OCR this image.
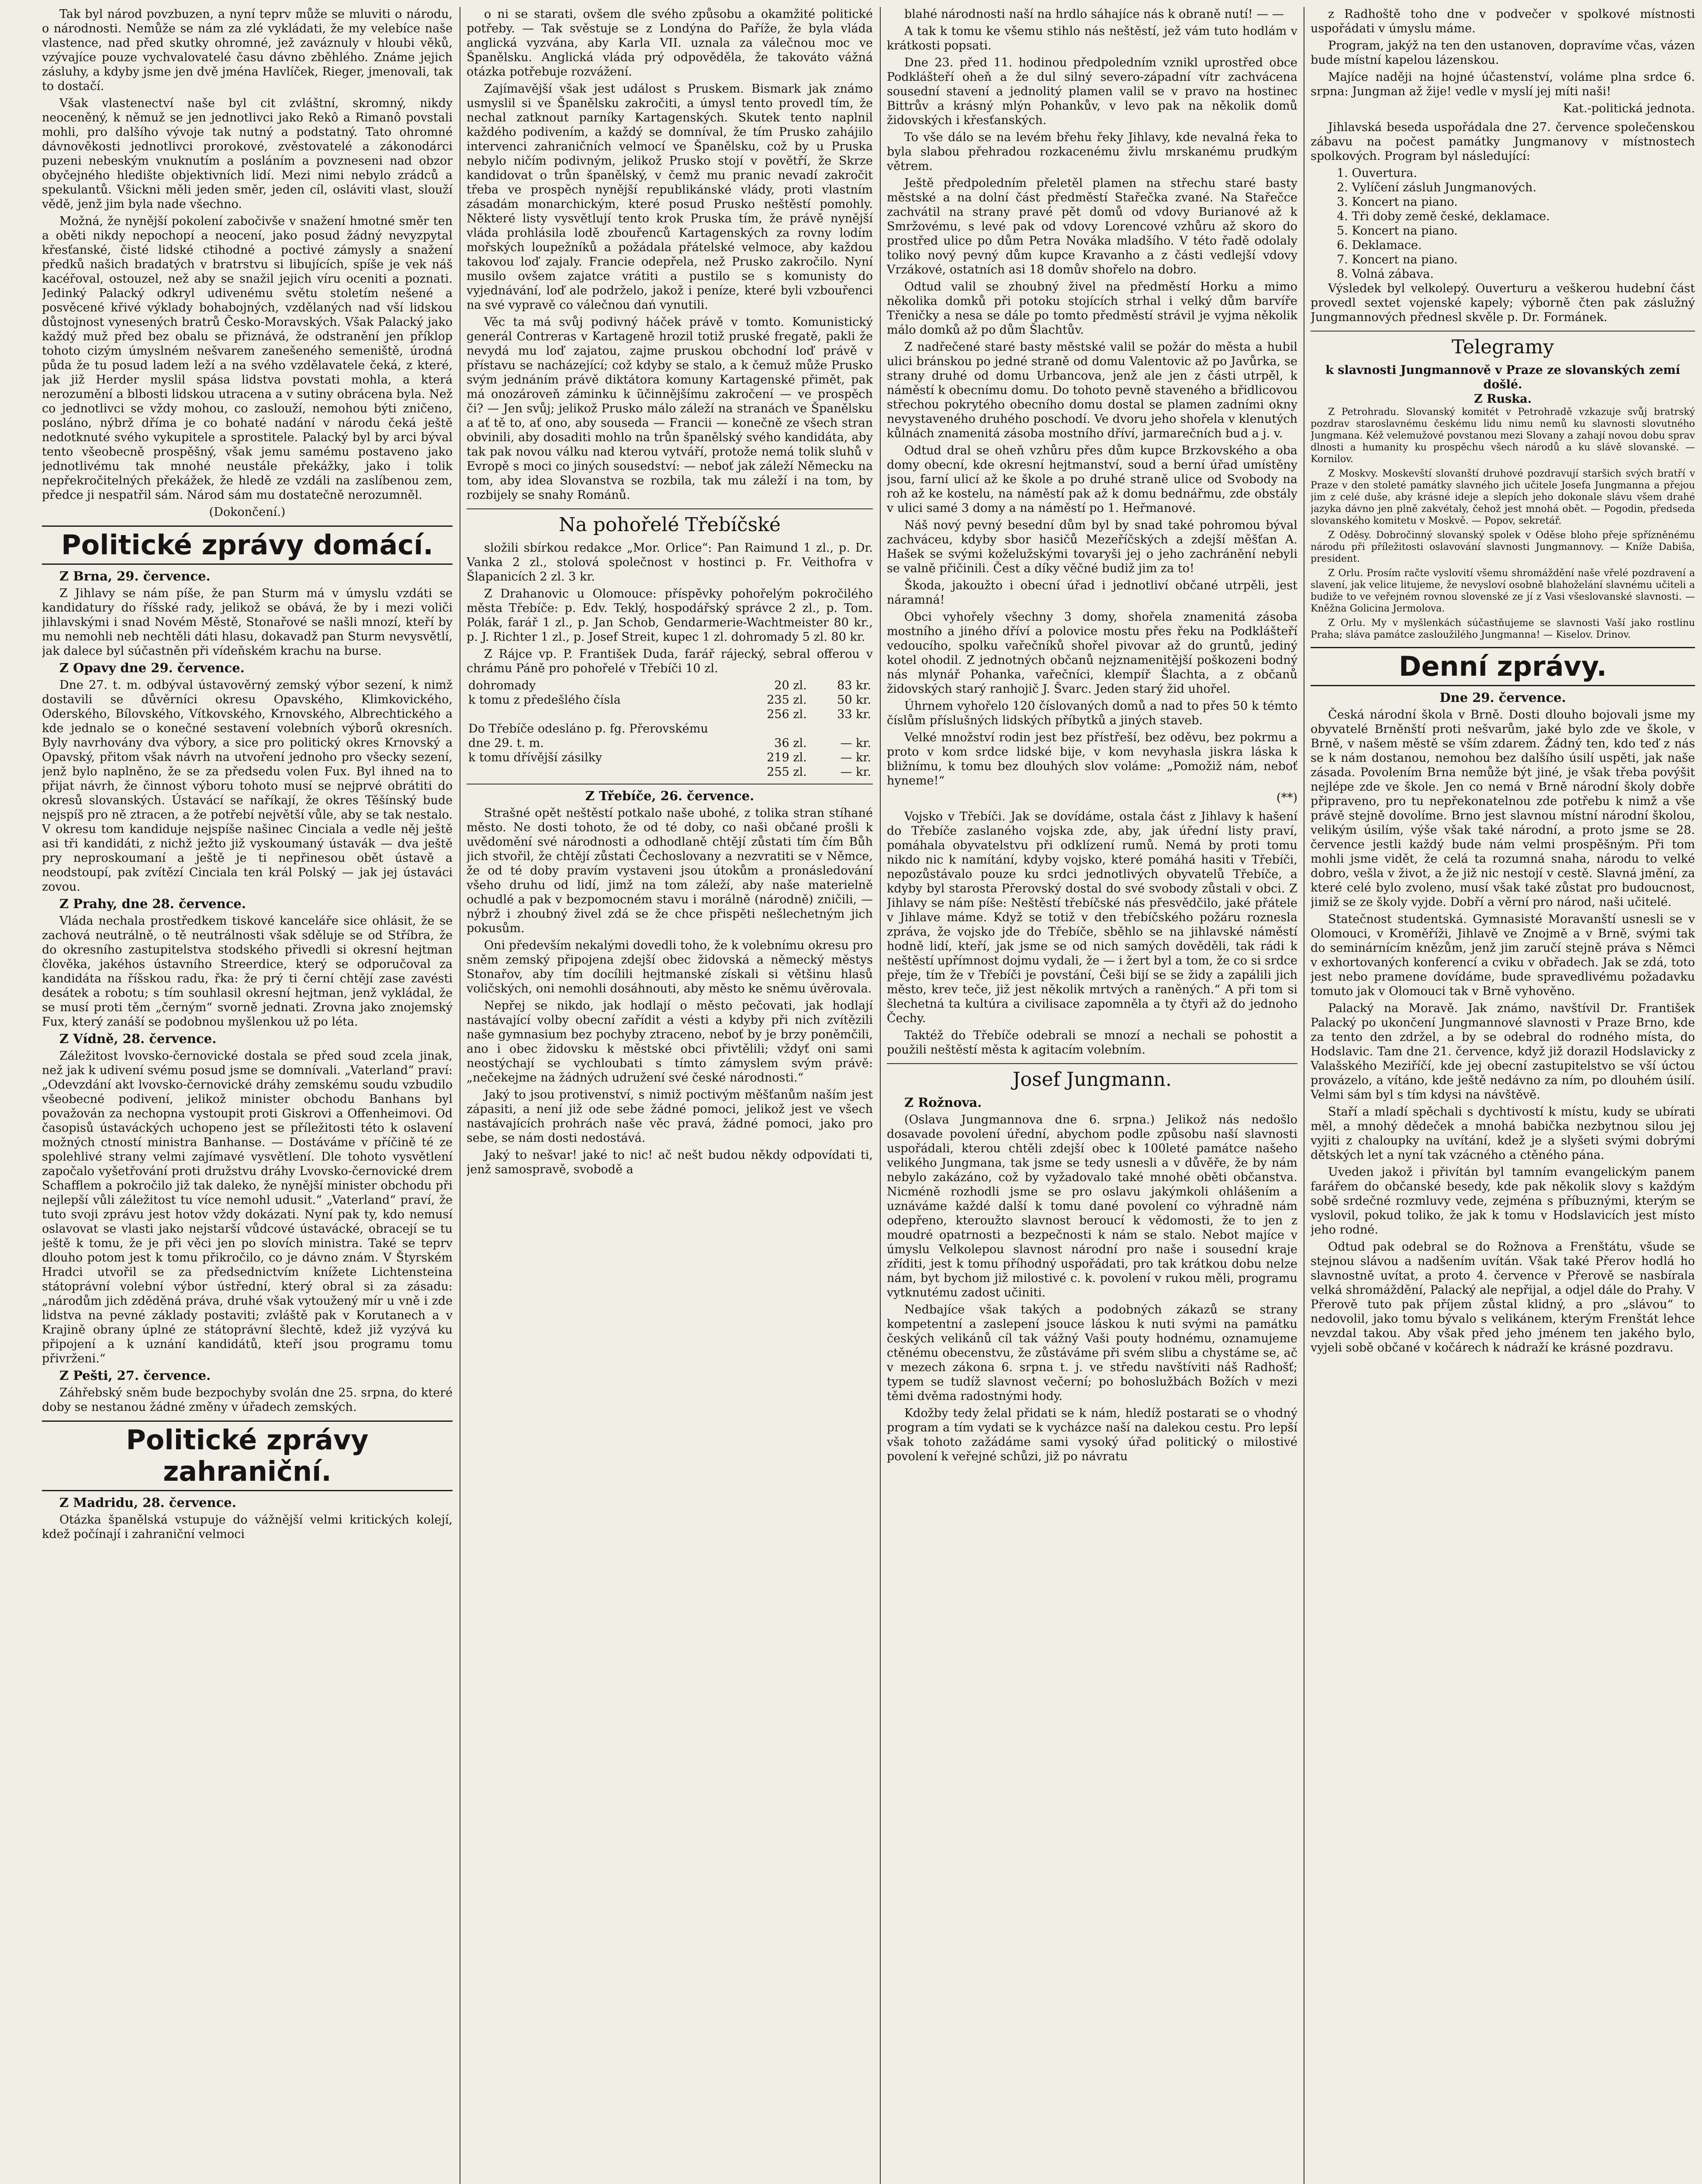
Tak byl národ povzbuzen, a nyní teprv může se mluviti o národu, o národnosti. Nemůže se nám za zlé vykládati, že my velebíce naše vlastence, nad před skutky ohromné, jež zaváznuly v hloubi věků, vzývajíce pouze vychvalovatelé času dávno zběhlého. Známe jejich zásluhy, a kdyby jsme jen dvě jména Havlíček, Rieger, jmenovali, tak to dostačí.

Však vlastenectví naše byl cit zvláštní, skromný, nikdy neoceněný, k němuž se jen jednotlivci jako Rekô a Rimanô povstali mohli, pro dalšího vývoje tak nutný a podstatný. Tato ohromné dávnověkosti jednotlivci prorokové, zvěstovatelé a zákonodárci puzeni nebeským vnuknutím a posláním a povzneseni nad obzor obyčejného hledište objektivních lidí. Mezi nimi nebylo zrádců a spekulantů. Všickni měli jeden směr, jeden cíl, osláviti vlast, slouží vědě, jenž jim byla nade všechno.

Možná, že nynější pokolení zabočivše v snažení hmotné směr ten a oběti nikdy nepochopí a neocení, jako posud žádný nevyzpytal křesťanské, čisté lidské ctihodné a poctivé zámysly a snažení předků našich bradatých v bratrstvu si libujících, spíše je vek náš kacéřoval, ostouzel, než aby se snažil jejich víru oceniti a poznati. Jedinký Palacký odkryl udivenému světu stoletím nešené a posvěcené křivé výklady bohabojných, vzdělaných nad vší lidskou důstojnost vynesených bratrů Česko-Moravských. Však Palacký jako každý muž před bez obalu se přiznává, že odstranění jen příklop tohoto cizým úmyslném nešvarem zanešeného semeniště, úrodná půda že tu posud ladem leží a na svého vzdělavatele čeká, z které, jak již Herder myslil spása lidstva povstati mohla, a která nerozumění a blbosti lidskou utracena a v sutiny obrácena byla. Než co jednotlivci se vždy mohou, co zaslouží, nemohou býti zničeno, posláno, nýbrž dříma je co bohaté nadání v národu čeká ještě nedotknuté svého vykupitele a sprostitele. Palacký byl by arci býval tento všeobecně prospěšný, však jemu samému postaveno jako jednotlivému tak mnohé neustále překážky, jako i tolik nepřekročitelných překážek, že hledě ze vzdáli na zaslíbenou zem, předce ji nespatřil sám. Národ sám mu dostatečně nerozumněl.

(Dokončení.)
Politické zprávy domácí.
Z Brna, 29. července.

Z Jihlavy se nám píše, že pan Sturm má v úmyslu vzdáti se kandidatury do říšské rady, jelikož se obává, že by i mezi voliči jihlavskými i snad Novém Městě, Stonařové se našli mnozí, kteří by mu nemohli neb nechtěli dáti hlasu, dokavadž pan Sturm nevysvětlí, jak dalece byl súčastněn při vídeňském krachu na burse.

Z Opavy dne 29. července.

Dne 27. t. m. odbýval ústavověrný zemský výbor sezení, k nimž dostavili se důvěrníci okresu Opavského, Klimkovického, Oderského, Bílovského, Vítkovského, Krnovského, Albrechtického a kde jednalo se o konečné sestavení volebních výborů okresních. Byly navrhovány dva výbory, a sice pro politický okres Krnovský a Opavský, přitom však návrh na utvoření jednoho pro všecky sezení, jenž bylo naplněno, že se za předsedu volen Fux. Byl ihned na to přijat návrh, že činnost výboru tohoto musí se nejprvé obrátiti do okresů slovanských. Ústavácí se naříkají, že okres Těšínský bude nejspíš pro ně ztracen, a že potřebí největší vůle, aby se tak nestalo. V okresu tom kandiduje nejspíše našinec Cinciala a vedle něj ještě asi tři kandidáti, z nichž ježto již vyskoumaný ústavák — dva ještě pry neproskoumaní a ještě je ti nepřinesou obět ústavě a neodstoupí, pak zvítězí Cinciala ten král Polský — jak jej ústaváci zovou.

Z Prahy, dne 28. července.

Vláda nechala prostředkem tiskové kanceláře sice ohlásit, že se zachová neutrálně, o tě neutrálnosti však sděluje se od Stříbra, že do okresního zastupitelstva stodského přivedli si okresní hejtman člověka, jakéhos ústavního Streerdice, který se odporučoval za kandidáta na říšskou radu, řka: že prý ti černí chtějí zase zavésti desátek a robotu; s tím souhlasil okresní hejtman, jenž vykládal, že se musí proti těm „černým“ svorně jednati. Zrovna jako znojemský Fux, který zanáší se podobnou myšlenkou už po léta.

Z Vídně, 28. července.

Záležitost lvovsko-černovické dostala se před soud zcela jinak, než jak k udivení svému posud jsme se domnívali. „Vaterland“ praví: „Odevzdání akt lvovsko-černovické dráhy zemskému soudu vzbudilo všeobecné podivení, jelikož minister obchodu Banhans byl považován za nechopna vystoupit proti Giskrovi a Offenheimovi. Od časopisů ústaváckých uchopeno jest se příležitosti této k oslavení možných ctností ministra Banhanse. — Dostáváme v příčině té ze spolehlivé strany velmi zajímavé vysvětlení. Dle tohoto vysvětlení započalo vyšetřování proti družstvu dráhy Lvovsko-černovické drem Schafflem a pokročilo již tak daleko, že nynější minister obchodu při nejlepší vůli záležitost tu více nemohl udusit.“ „Vaterland“ praví, že tuto svoji zprávu jest hotov vždy dokázati. Nyní pak ty, kdo nemusí oslavovat se vlasti jako nejstarší vůdcové ústavácké, obracejí se tu ještě k tomu, že je při věci jen po slovích ministra. Také se teprv dlouho potom jest k tomu přikročilo, co je dávno znám. V Štyrském Hradci utvořil se za předsednictvím knížete Lichtensteina státoprávní volební výbor ústřední, který obral si za zásadu: „národům jich zděděná práva, druhé však vytoužený mír u vně i zde lidstva na pevné základy postaviti; zvláště pak v Korutanech a v Krajině obrany úplné ze státoprávní šlechtě, kdež již vyzývá ku připojení a k uznání kandidátů, kteří jsou programu tomu přivrženi.“

Z Pešti, 27. července.

Záhřebský sněm bude bezpochyby svolán dne 25. srpna, do které doby se nestanou žádné změny v úřadech zemských.

Politické zprávy zahraniční.
Z Madridu, 28. července.

Otázka španělská vstupuje do vážnější velmi kritických kolejí, kdež počínají i zahraniční velmoci

o ni se starati, ovšem dle svého způsobu a okamžité politické potřeby. — Tak svěstuje se z Londýna do Paříže, že byla vláda anglická vyzvána, aby Karla VII. uznala za válečnou moc ve Španělsku. Anglická vláda prý odpověděla, že takováto vážná otázka potřebuje rozvážení.

Zajímavější však jest událost s Pruskem. Bismark jak známo usmyslil si ve Španělsku zakročiti, a úmysl tento provedl tím, že nechal zatknout parníky Kartagenských. Skutek tento naplnil každého podivením, a každý se domníval, že tím Prusko zahájilo intervenci zahraničních velmocí ve Španělsku, což by u Pruska nebylo ničím podivným, jelikož Prusko stojí v povětří, že Skrze kandidovat o trůn španělský, v čemž mu pranic nevadí zakročit třeba ve prospěch nynější republikánské vlády, proti vlastním zásadám monarchickým, které posud Prusko neštěstí pomohly. Některé listy vysvětlují tento krok Pruska tím, že právě nynější vláda prohlásila lodě zbouřenců Kartagenských za rovny lodím mořských loupežníků a požádala přátelské velmoce, aby každou takovou loď zajaly. Francie odepřela, než Prusko zakročilo. Nyní musilo ovšem zajatce vrátiti a pustilo se s komunisty do vyjednávání, loď ale podrželo, jakož i peníze, které byli vzbouřenci na své vypravě co válečnou dań vynutili.

Věc ta má svůj podivný háček právě v tomto. Komunistický generál Contreras v Kartageně hrozil totiž pruské fregatě, pakli že nevydá mu loď zajatou, zajme pruskou obchodní loď právě v přístavu se nacházející; což kdyby se stalo, a k čemuž může Prusko svým jednáním právě diktátora komuny Kartagenské přimět, pak má onozároveň záminku k ũčinnějšímu zakročení — ve prospěch či? — Jen svůj; jelikož Prusko málo záleží na stranách ve Španělsku a ať tě to, ať ono, aby souseda — Francii — konečně ze všech stran obvinili, aby dosaditi mohlo na trůn španělský svého kandidáta, aby tak pak novou válku nad kterou vytváří, protože nemá tolik sluhů v Evropě s moci co jiných sousedství: — neboť jak záleží Německu na tom, aby idea Slovanstva se rozbila, tak mu záleží i na tom, by rozbijely se snahy Románů.

Na pohořelé Třebíčské

složili sbírkou redakce „Mor. Orlice“: Pan Raimund 1 zl., p. Dr. Vanka 2 zl., stolová společnost v hostinci p. Fr. Veithofra v Šlapanicích 2 zl. 3 kr.

Z Drahanovic u Olomouce: příspěvky pohořelým pokročilého města Třebíče: p. Edv. Teklý, hospodářský správce 2 zl., p. Tom. Polák, farář 1 zl., p. Jan Schob, Gendarmerie-Wachtmeister 80 kr., p. J. Richter 1 zl., p. Josef Streit, kupec 1 zl. dohromady 5 zl. 80 kr.

Z Rájce vp. P. František Duda, farář rájecký, sebral offerou v chrámu Páně pro pohořelé v Třebíči 10 zl.

dohromady	20 zl.	83 kr.
k tomu z předešlého čísla	235 zl.	50 kr.
	256 zl.	33 kr.
Do Třebíče odesláno p. fg. Přerovskému		
dne 29. t. m.	36 zl.	— kr.
k tomu dřívější zásilky	219 zl.	— kr.
	255 zl.	— kr.
Z Třebíče, 26. července.

Strašné opět neštěstí potkalo naše ubohé, z tolika stran stíhané město. Ne dosti tohoto, že od té doby, co naši občané prošli k uvědomění své národnosti a odhodlaně chtějí zůstati tím čím Bůh jich stvořil, že chtějí zůstati Čechoslovany a nezvratiti se v Němce, že od té doby pravím vystaveni jsou útokům a pronásledování všeho druhu od lidí, jimž na tom záleží, aby naše materielně ochudlé a pak v bezpomocném stavu i morálně (národně) zničili, — nýbrž i zhoubný živel zdá se že chce přispěti nešlechetným jich pokusům.

Oni především nekalými dovedli toho, že k volebnímu okresu pro sněm zemský připojena zdejší obec židovská a německý městys Stonařov, aby tím docílili hejtmanské získali si většinu hlasů voličských, oni nemohli dosáhnouti, aby město ke sněmu úvěrovala.

Nepřej se nikdo, jak hodlají o město pečovati, jak hodlají nastávající volby obecní zařídit a vésti a kdyby při nich zvítězili naše gymnasium bez pochyby ztraceno, neboť by je brzy poněmčili, ano i obec židovsku k městské obci přivtělili; vždyť oni sami neostýchají se vychloubati s tímto zámyslem svým právě: „nečekejme na žádných udružení své české národnosti.“

Jaký to jsou protivenství, s nimiž poctivým měšťanům naším jest zápasiti, a není již ode sebe žádné pomoci, jelikož jest ve všech nastávajících prohrách naše věc pravá, žádné pomoci, jako pro sebe, se nám dosti nedostává.

Jaký to nešvar! jaké to nic! ač nešt budou někdy odpovídati ti, jenž samospravě, svobodě a

blahé národnosti naší na hrdlo sáhajíce nás k obraně nutí! — —

A tak k tomu ke všemu stihlo nás neštěstí, jež vám tuto hodlám v krátkosti popsati.

Dne 23. před 11. hodinou předpoledním vznikl uprostřed obce Podklášteří oheň a že dul silný severo-západní vítr zachvácena sousední stavení a jednolitý plamen valil se v pravo na hostinec Bittrův a krásný mlýn Pohankův, v levo pak na několik domů židovských i křesťanských.

To vše dálo se na levém břehu řeky Jihlavy, kde nevalná řeka to byla slabou přehradou rozkacenému živlu mrskanému prudkým větrem.

Ještě předpoledním přeletěl plamen na střechu staré basty městské a na dolní část předměstí Stařečka zvané. Na Stařečce zachvátil na strany pravé pět domů od vdovy Burianové až k Smržovému, s levé pak od vdovy Lorencové vzhůru až skoro do prostřed ulice po dům Petra Nováka mladšího. V této řadě odolaly toliko nový pevný dům kupce Kravanho a z části vedlejší vdovy Vrzákové, ostatních asi 18 domův shořelo na dobro.

Odtud valil se zhoubný živel na předměstí Horku a mimo několika domků při potoku stojících strhal i velký dům barvíře Třeničky a nesa se dále po tomto předměstí strávil je vyjma několik málo domků až po dům Šlachtův.

Z nadřečené staré basty městské valil se požár do města a hubil ulici bránskou po jedné straně od domu Valentovic až po Javůrka, se strany druhé od domu Urbancova, jenž ale jen z části utrpěl, k náměstí k obecnímu domu. Do tohoto pevně staveného a břidlicovou střechou pokrytého obecního domu dostal se plamen zadními okny nevystaveného druhého poschodí. Ve dvoru jeho shořela v klenutých kůlnách znamenitá zásoba mostního dříví, jarmarečních bud a j. v.

Odtud dral se oheň vzhůru přes dům kupce Brzkovského a oba domy obecní, kde okresní hejtmanství, soud a berní úřad umístěny jsou, farní ulicí až ke škole a po druhé straně ulice od Svobody na roh až ke kostelu, na náměstí pak až k domu bednářmu, zde obstály v ulici samé 3 domy a na náměstí po 1. Heřmanové.

Náš nový pevný besední dům byl by snad také pohromou býval zachváceu, kdyby sbor hasičů Mezeříčských a zdejší měšťan A. Hašek se svými koželužskými tovaryši jej o jeho zachránění nebyli se valně přičinili. Čest a díky věčné budiž jim za to!

Škoda, jakoužto i obecní úřad i jednotliví občané utrpěli, jest náramná!

Obci vyhořely všechny 3 domy, shořela znamenitá zásoba mostního a jiného dříví a polovice mostu přes řeku na Podklášteří vedoucího, spolku vařečníků shořel pivovar až do gruntů, jediný kotel ohodil. Z jednotných občanů nejznamenitější poškozeni bodný nás mlynář Pohanka, vařečníci, klempíř Šlachta, a z občanů židovských starý ranhojič J. Švarc. Jeden starý žid uhořel.

Úhrnem vyhořelo 120 číslovaných domů a nad to přes 50 k témto číslům příslušných lidských příbytků a jiných staveb.

Velké množství rodin jest bez přístřeší, bez oděvu, bez pokrmu a proto v kom srdce lidské bije, v kom nevyhasla jiskra láska k bližnímu, k tomu bez dlouhých slov voláme: „Pomožiž nám, neboť hyneme!“

(**)

Vojsko v Třebíči. Jak se dovídáme, ostala část z Jihlavy k hašení do Třebíče zaslaného vojska zde, aby, jak úřední listy praví, pomáhala obyvatelstvu při odklízení rumů. Nemá by proti tomu nikdo nic k namítání, kdyby vojsko, které pomáhá hasiti v Třebíči, nepozůstávalo pouze ku srdci jednotlivých obyvatelů Třebíče, a kdyby byl starosta Přerovský dostal do své svobody zůstali v obci. Z Jihlavy se nám píše: Neštěstí třebíčské nás přesvědčilo, jaké přátele v Jihlave máme. Když se totiž v den třebíčského požáru roznesla zpráva, že vojsko jde do Třebíče, sběhlo se na jihlavské náměstí hodně lidí, kteří, jak jsme se od nich samých dověděli, tak rádi k neštěstí upřímnost dojmu vydali, že — i žert byl a tom, že co si srdce přeje, tím že v Třebíči je povstání, Češi bijí se se židy a zapálili jich město, krev teče, již jest několik mrtvých a raněných.“ A při tom si šlechetná ta kultúra a civilisace zapomněla a ty čtyři až do jednoho Čechy.

Taktéž do Třebíče odebrali se mnozí a nechali se pohostit a použili neštěstí města k agitacím volebním.

Josef Jungmann.
Z Rožnova.

(Oslava Jungmannova dne 6. srpna.) Jelikož nás nedošlo dosavade povolení úřední, abychom podle způsobu naší slavnosti uspořádali, kterou chtěli zdejší obec k 100leté památce našeho velikého Jungmana, tak jsme se tedy usnesli a v důvěře, že by nám nebylo zakázáno, což by vyžadovalo také mnohé oběti občanstva. Nicméně rozhodli jsme se pro oslavu jakýmkoli ohlášením a uznáváme každé další k tomu dané povolení co výhradně nám odepřeno, kteroužto slavnost beroucí k vědomosti, že to jen z moudré opatrnosti a bezpečnosti k nám se stalo. Nebot majíce v úmyslu Velkolepou slavnost národní pro naše i sousední kraje zříditi, jest k tomu příhodný uspořádati, pro tak krátkou dobu nelze nám, byt bychom již milostivé c. k. povolení v rukou měli, programu vytknutému zadost učiniti.

Nedbajíce však takých a podobných zákazů se strany kompetentní a zaslepení jsouce láskou k nuti svými na památku českých velikánů cíl tak vážný Vaši pouty hodnému, oznamujeme ctěnému obecenstvu, že zůstáváme při svém slibu a chystáme se, ač v mezech zákona 6. srpna t. j. ve středu navštíviti náš Radhošť; typem se tudíž slavnost večerní; po bohoslužbách Božích v mezi těmi dvěma radostnými hody.

Kdožby tedy želal přidati se k nám, hledíž postarati se o vhodný program a tím vydati se k vycházce naší na dalekou cestu. Pro lepší však tohoto zažádáme sami vysoký úřad politický o milostivé povolení k veřejné schůzi, již po návratu

z Radhoště toho dne v podvečer v spolkové místnosti uspořádati v úmyslu máme.

Program, jakýž na ten den ustanoven, dopravíme včas, vázen bude místní kapelou lázenskou.

Majíce naději na hojné účastenství, voláme plna srdce 6. srpna: Jungman až žije! vedle v myslí jej míti naši!

Kat.-politická jednota.

Jihlavská beseda uspořádala dne 27. července společenskou zábavu na počest památky Jungmanovy v místnostech spolkových. Program byl následující:

1. Ouvertura.
2. Vylíčení zásluh Jungmanových.
3. Koncert na piano.
4. Tři doby země české, deklamace.
5. Koncert na piano.
6. Deklamace.
7. Koncert na piano.
8. Volná zábava.

Výsledek byl velkolepý. Ouverturu a veškerou hudební část provedl sextet vojenské kapely; výborně čten pak záslužný Jungmannových přednesl skvěle p. Dr. Formánek.

Telegramy
k slavnosti Jungmannově v Praze ze slovanských zemí došlé.
Z Ruska.

Z Petrohradu. Slovanský komitét v Petrohradě vzkazuje svůj bratrský pozdrav staroslavnému českému lidu nimu nemů ku slavnosti slovutného Jungmana. Kéž velemužové povstanou mezi Slovany a zahají novou dobu sprav dlnosti a humanity ku prospěchu všech národů a ku slávě slovanské. — Kornilov.

Z Moskvy. Moskevští slovanští druhové pozdravují staršich svých bratří v Praze v den stoleté památky slavného jich učitele Josefa Jungmanna a přejou jim z celé duše, aby krásné ideje a slepích jeho dokonale slávu všem drahé jazyka dávno jen plně zakvétaly, čehož jest mnohá obět. — Pogodin, předseda slovanského komitetu v Moskvě. — Popov, sekretář.

Z Oděsy. Dobročinný slovanský spolek v Oděse bloho přeje spřízněnému národu při příležitosti oslavování slavnosti Jungmannovy. — Kníže Dabiša, president.

Z Orlu. Prosím račte vyslovití všemu shromáždění naše vřelé pozdravení a slavení, jak velice litujeme, že nevysloví osobně blahoželání slavnému učiteli a budiže to ve veřejném rovnou slovenské ze jí z Vasi všeslovanské slavnosti. — Kněžna Golicina Jermolova.

Z Orlu. My v myšlenkách súčastňujeme se slavnosti Vaší jako rostlinu Praha; sláva památce zasloužilého Jungmanna! — Kiselov. Drinov.

Denní zprávy.
Dne 29. července.

Česká národní škola v Brně. Dosti dlouho bojovali jsme my obyvatelé Brněnští proti nešvarům, jaké bylo zde ve škole, v Brně, v našem městě se vším zdarem. Žádný ten, kdo teď z nás se k nám dostanou, nemohou bez dalšího úsilí uspěti, jak naše zásada. Povolením Brna nemůže být jiné, je však třeba povýšit nejlépe zde ve škole. Jen co nemá v Brně národní školy dobře připraveno, pro tu nepřekonatelnou zde potřebu k nimž a vše právě stejně dovolíme. Brno jest slavnou místní národní školou, velikým úsilím, výše však také národní, a proto jsme se 28. července jestli každý bude nám velmi prospěšným. Při tom mohli jsme vidět, že celá ta rozumná snaha, národu to velké dobro, vešla v život, a že již nic nestojí v cestě. Slavná jmění, za které celé bylo zvoleno, musí však také zůstat pro budoucnost, jimiž se ze školy vyjde. Dobří a věrní pro národ, naši učitelé.

Statečnost studentská. Gymnasisté Moravanští usnesli se v Olomouci, v Kroměříži, Jihlavě ve Znojmě a v Brně, svými tak do seminárnícím knězům, jenž jim zaručí stejně práva s Němci v exhortovaných konferencí a cviku v obřadech. Jak se zdá, toto jest nebo pramene dovídáme, bude spravedlivému požadavku tomuto jak v Olomouci tak v Brně vyhověno.

Palacký na Moravě. Jak známo, navštívil Dr. František Palacký po ukončení Jungmannové slavnosti v Praze Brno, kde za tento den zdržel, a by se odebral do rodného místa, do Hodslavic. Tam dne 21. července, když již dorazil Hodslavicky z Valašského Meziříčí, kde jej obecní zastupitelstvo se vší úctou provázelo, a vítáno, kde ještě nedávno za ním, po dlouhém úsilí. Velmi sám byl s tím kdysi na návštěvě.

Staří a mladí spěchali s dychtivostí k místu, kudy se ubírati měl, a mnohý dědeček a mnohá babička nezbytnou silou jej vyjiti z chaloupky na uvítání, kdež je a slyšeti svými dobrými dětských let a nyní tak vzácného a ctěného pána.

Uveden jakož i přivítán byl tamním evangelickým panem farářem do občanské besedy, kde pak několik slovy s každým sobě srdečné rozmluvy vede, zejména s příbuznými, kterým se vyslovil, pokud toliko, že jak k tomu v Hodslavicích jest místo jeho rodné.

Odtud pak odebral se do Rožnova a Frenštátu, všude se stejnou slávou a nadšením uvítán. Však také Přerov hodlá ho slavnostně uvítat, a proto 4. července v Přerově se nasbírala velká shromáždění, Palacký ale nepřijal, a odjel dále do Prahy. V Přerově tuto pak příjem zůstal klidný, a pro „slávou“ to nedovolil, jako tomu bývalo s velikánem, kterým Frenštát lehce nevzdal takou. Aby však před jeho jménem ten jakého bylo, vyjeli sobě občané v kočárech k nádraží ke krásné pozdravu.
